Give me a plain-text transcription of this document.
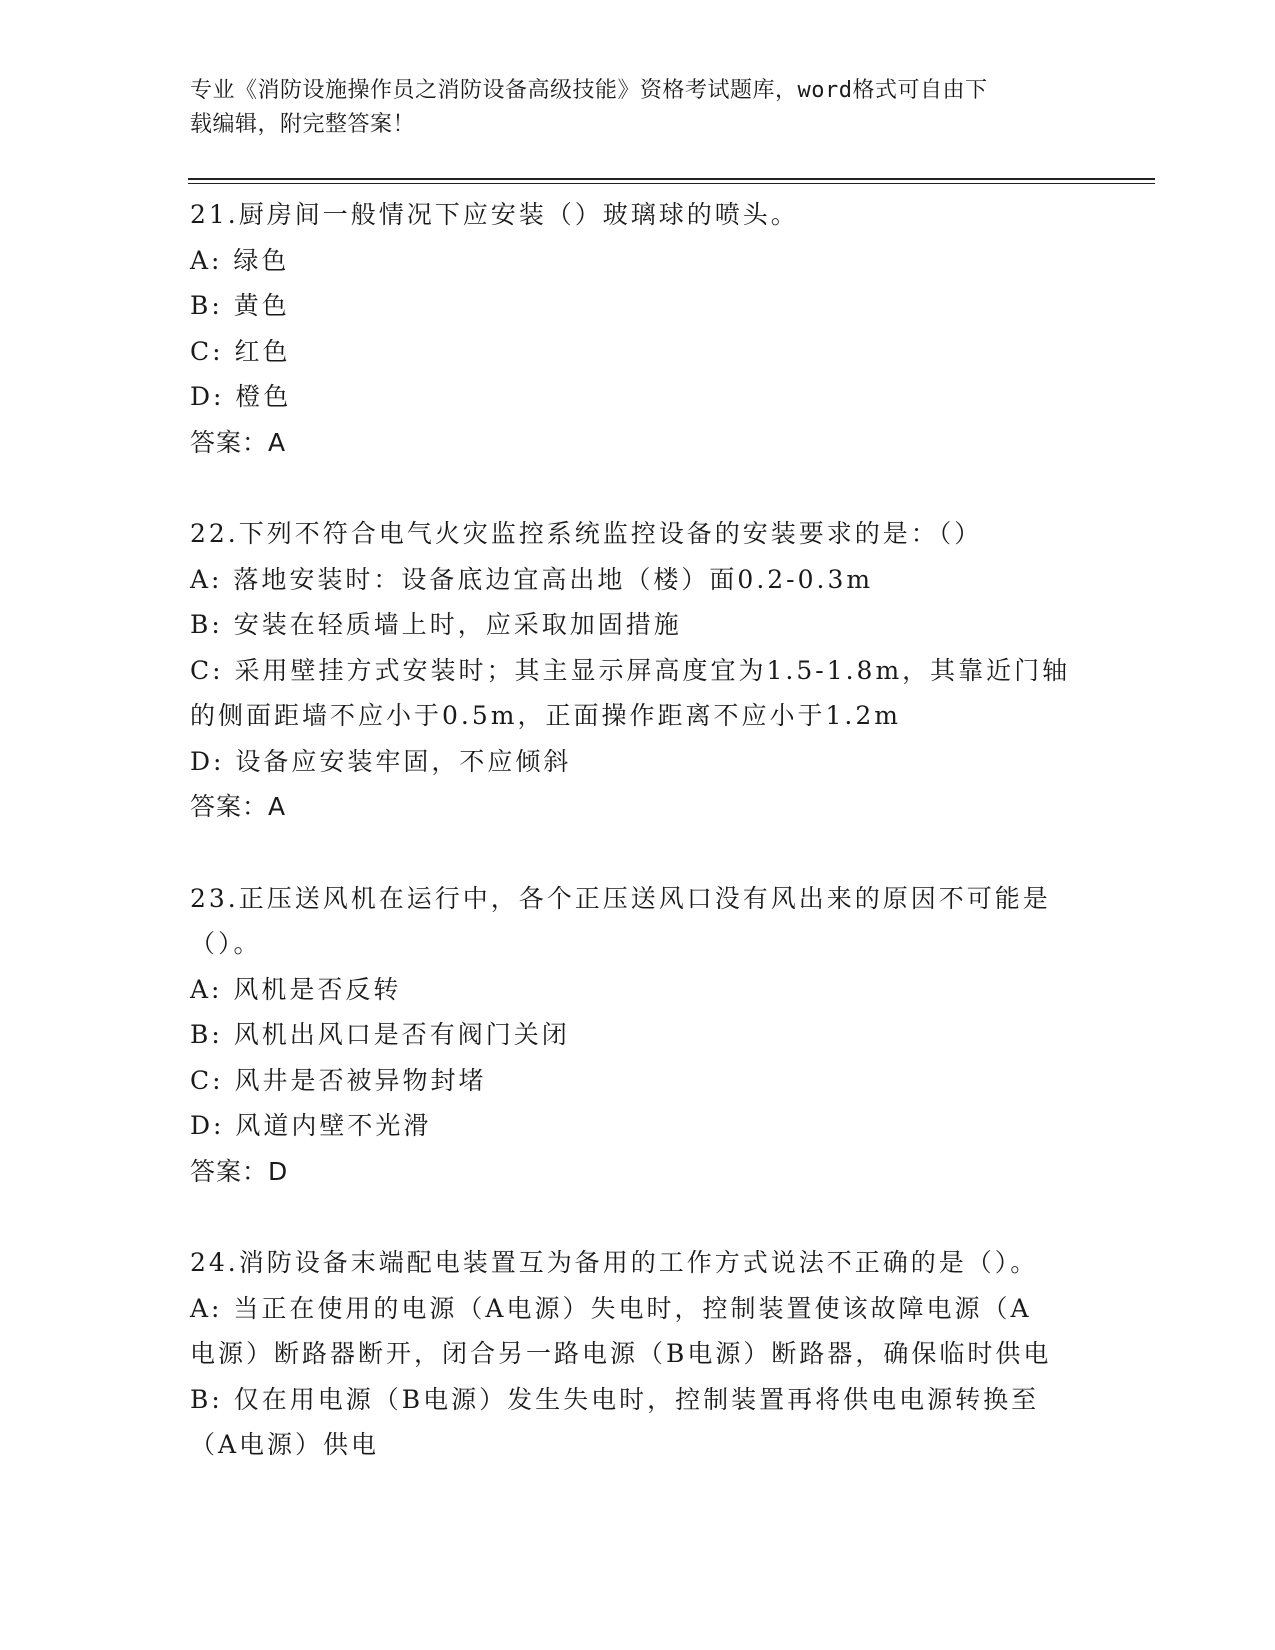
专业《消防设施操作员之消防设备高级技能》资格考试题库，word格式可自由下
载编辑，附完整答案！
21.厨房间一般情况下应安装（）玻璃球的喷头。
A: 绿色
B: 黄色
C: 红色
D: 橙色
答案：A
22.下列不符合电气火灾监控系统监控设备的安装要求的是：（）
A: 落地安装时：设备底边宜高出地（楼）面0.2-0.3m
B: 安装在轻质墙上时，应采取加固措施
C: 采用壁挂方式安装时；其主显示屏高度宜为1.5-1.8m，其靠近门轴
的侧面距墙不应小于0.5m，正面操作距离不应小于1.2m
D: 设备应安装牢固，不应倾斜
答案：A
23.正压送风机在运行中，各个正压送风口没有风出来的原因不可能是
（）。
A: 风机是否反转
B: 风机出风口是否有阀门关闭
C: 风井是否被异物封堵
D: 风道内壁不光滑
答案：D
24.消防设备末端配电装置互为备用的工作方式说法不正确的是（）。
A: 当正在使用的电源（A电源）失电时，控制装置使该故障电源（A
电源）断路器断开，闭合另一路电源（B电源）断路器，确保临时供电
B: 仅在用电源（B电源）发生失电时，控制装置再将供电电源转换至
（A电源）供电
